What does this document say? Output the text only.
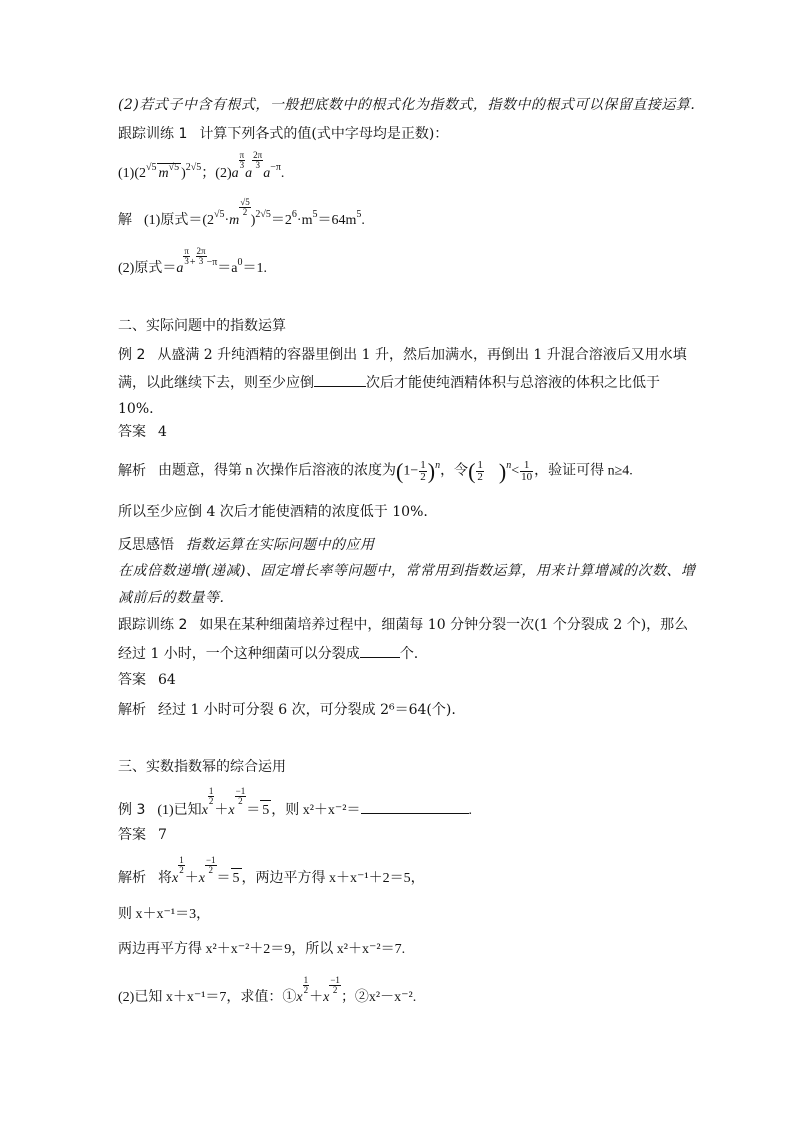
(2)若式子中含有根式，一般把底数中的根式化为指数式，指数中的根式可以保留直接运算.
跟踪训练 1 计算下列各式的值(式中字母均是正数)：
$(1)(2^{√5}$ $m^{√5}$ )$^{2√5}$；(2)a
$\frac{\pi}{3}$
a
$\frac{2\pi}{3}$
$a^{-\pi}$.
解 (1)原式$=(2^{√5}\cdot m$
$\frac{√5}{2}$
)$^{2√5}=2^6\cdot m^5=64m^5$.
(2)原式＝a
$\frac{\pi}{3} ^+ \frac{2\pi}{3} ^{-\pi}=a^0=1$.
二、实际问题中的指数运算
例 2 从盛满 2 升纯酒精的容器里倒出 1 升，然后加满水，再倒出 1 升混合溶液后又用水填
满，以此继续下去，则至少应倒	次后才能使纯酒精体积与总溶液的体积之比低于
10%.
答案 4
解析 由题意，得第 n 次操作后溶液的浓度为$(1- \frac{1}{2} )^n$，令( $\frac{1}{2} )^n< \frac{1}{10}$ ，验证可得 n≥4.
所以至少应倒 4 次后才能使酒精的浓度低于 10%.
反思感悟 指数运算在实际问题中的应用
在成倍数递增(递减)、固定增长率等问题中，常常用到指数运算，用来计算增减的次数、增
减前后的数量等.
跟踪训练 2 如果在某种细菌培养过程中，细菌每 10 分钟分裂一次(1 个分裂成 2 个)，那么
经过 1 小时，一个这种细菌可以分裂成	个.
答案 64
解析 经过 1 小时可分裂 6 次，可分裂成 2⁶＝64(个).
三、实数指数幂的综合运用
例 3 (1)已知x
$\frac{1}{2}$
＋x
$\frac{-1}{2}$
＝ 5 ，则 x²＋x⁻²＝	.
答案 7
解析 将x
$\frac{1}{2}$
＋x
$\frac{-1}{2}$
＝ 5 ，两边平方得 x＋x⁻¹＋2＝5，
则 x＋x⁻¹＝3，
两边再平方得 x²＋x⁻²＋2＝9，所以 x²＋x⁻²＝7.
(2)已知 x＋x⁻¹＝7，求值：①x
$\frac{1}{2}$
＋x
$\frac{-1}{2}$
；②x²－x⁻².
